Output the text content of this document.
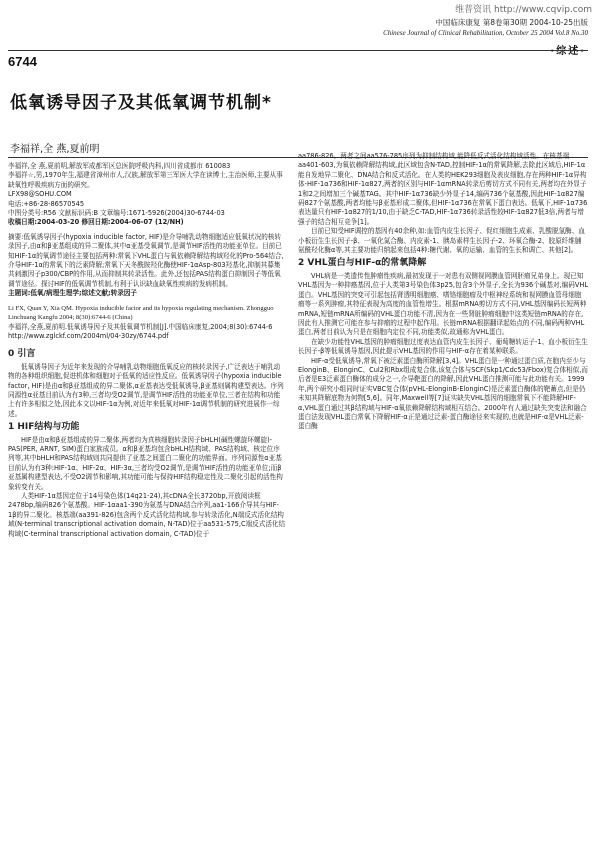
维普资讯 http://www.cqvip.com
6744
中国临床康复 第8卷第30期 2004-10-25出版
Chinese Journal of Clinical Rehabilitation, October 25 2004 Vol.8 No.30
·综述·
低氧诱导因子及其低氧调节机制*
李福祥,全 燕,夏前明

李福祥,全 燕,夏前明,解放军成都军区总医院呼吸内科,四川省成都市 610083

李福祥☆,男,1970年生,福建省漳州市人,汉族,解放军第三军医大学在读博士,主治医师,主要从事缺氧性呼吸疾病方面的研究。

LFX98@SOHU.COM

电话:+86-28-86570545

中图分类号:R56 文献标识码:B 文章编号:1671-5926(2004)30-6744-03

收稿日期:2004-03-20 修回日期:2004-06-07 (12/NH)

摘要:低氧诱导因子(hypoxia inducible factor, HIF)是介导哺乳动物细胞适应低氧状况的核转录因子,由α和β亚基组成的异二聚体,其中α亚基受氧调节,是调节HIF活性的功能亚单位。目前已知HIF-1α的氧调节途径主要包括两种:常氧下VHL蛋白与氧依赖降解结构域羟化的Pro-564结合,介导HIF-1α的常氧下的泛素降解;常氧下天冬酰胺羟化酶使HIF-1αAsp-803羟基化,抑制其募集共刺激因子p300/CBP的作用,从而抑制其转录活性。此外,还包括PAS结构蛋白抑制因子等低氧调节途径。探讨HIF的低氧调节机制,有利于认识缺血缺氧性疾病的发病机制。

主题词:低氧/病理生理学;综述文献;转录因子

Li FX, Quan Y, Xia QM. Hypoxia inducible factor and its hypoxia regulating mechanism. Zhongguo Linchuang Kangfu 2004; 8(30):6744-6 (China)

李福祥,全燕,夏前明.低氧诱导因子及其低氧调节机制[J].中国临床康复,2004;8(30):6744-6

http://www.zglckf.com/2004ml/04-30zy/6744.pdf

0 引言

低氧诱导因子为近年来发现的介导哺乳动物细胞低氧反应的核转录因子,广泛表达于哺乳动物的各种组织细胞,促进机体和细胞对于低氧的适应性反应。低氧诱导因子(hypoxia inducible factor, HIF)是由α和β亚基组成的异二聚体,α亚基表达受低氧诱导,β亚基则属构建型表达。序列同源性α亚基目前认为有3种,三者均受O2调节,是调节HIF活性的功能亚单位,三者在结构和功能上有许多相似之处,因此本文以HIF-1α为例,对近年来低氧对HIF-1α调节机制的研究进展作一综述。

1 HIF结构与功能

HIF是由α和β亚基组成的异二聚体,两者均为真核细胞转录因子bHLH(碱性螺旋环螺旋)-PAS(PER, ARNT, SIM)蛋白家族成员。α和β亚基均包含bHLH结构域、PAS结构域、核定位序列等,其中bHLH和PAS结构域则共同提供了亚基之间蛋白二聚化的功能界面。序列同源性α亚基目前认为有3种:HIF-1α、HIF-2α、HIF-3α,三者均受O2调节,是调节HIF活性的功能亚单位;而β亚基属构建型表达,不受O2调节和影响,其功能可能与保持HIF结构稳定性及二聚化引起的活性构象转变有关。

人类HIF-1α基因定位于14号染色体(14q21-24),其cDNA全长3720bp,开放阅读框2478bp,编码826个氨基酸。HIF-1αaa1-390为氨基与DNA结合序列,aa1-166介导其与HIF-1β的异二聚化。核基端(aa391-826)包含两个反式活化结构域,参与转录活化,N端反式活化结构域(N-terminal transcriptional activation domain, N-TAD)位于aa531-575,C端反式活化结构域(C-terminal transcriptional activation domain, C-TAD)位于

aa786-826。两者之间aa576-785序列为抑制结构域,能降低反式活化结构域活性。在核基端aa401-603,为氧依赖降解结构域,此区域包含N-TAD,控制HIF-1α的常氧降解,去除此区域后,HIF-1α能自发地异二聚化、DNA结合和反式活化。在人类的HEK293细胞及表皮细胞,存在两种HIF-1α异构体-HIF-1α736和HIF-1α827,两者的区别与HIF-1αmRNA转录后剪切方式不同有关,两者均在外显子1和2之间增加三个碱基TAG。其中HIF-1α736缺少外显子14,编码736个氨基酸,因此HIF-1α827编码827个氨基酸,两者均能与β亚基形成二聚体,但HIF-1α736在常氧下蛋白表达。低氧下,HIF-1α736表达量只有HIF-1α827的1/10,由于缺乏C-TAD,HIF-1α736转录活性较HIF-1α827低3倍,两者与增强子的结合相互竞争[1]。

目前已知受HIF调控的基因有40余种,如:血管内皮生长因子、促红细胞生成素、乳酸脱氢酶、血小板衍生生长因子-β、一氧化氮合酶、内皮素-1、胰岛素样生长因子-2、环氧合酶-2、胶原纤维脯氨酰羟化酶α等,其主要功能归纳起来包括4种:糖代谢、氧的运输、血管的生长和调亡、其他[2]。

2 VHL蛋白与HIF-α的常氧降解

VHL病是一类遗传性肿瘤性疾病,最初发现于一对患有双侧视网膜血管网胚瘤兄弟身上。现已知VHL基因为一种抑癌基因,位于人类第3号染色体3p25,包含3个外显子,全长为936个碱基对,编码VHL蛋白。VHL基因的突变可引起包括肾透明细胞癌、嗜铬细胞瘤及中枢神经系统和视网膜血管母细胞瘤等一系列肿瘤,其特征表现为高度的血管性增生。根据mRNA剪切方式不同,VHL基因编码长短两种mRNA,短链mRNA所编码的VHL蛋白功能不清,因为在一些肾脏肿瘤细胞中这类短链mRNA的存在,因此有人推测它可能在参与抑瘤的过程中起作用。长链mRNA根据翻译起始点的不同,编码两种VHL蛋白,两者目前认为只是在细胞内定位不同,功能类似,故通称为VHL蛋白。

在缺少功能性VHL基因的肿瘤细胞过度表达血管内皮生长因子、葡萄糖转运子-1、血小板衍生生长因子-β等低氧诱导基因,因此提示VHL基因的作用与HIF-α存在着某种联系。

HIF-α受低氧诱导,常氧下被泛素蛋白酶所降解[3,4]。VHL蛋白是一种通过蛋白质,在胞内至少与ElonginB、ElonginC、Cul2和Rbx组成复合体,该复合体与SCF(Skp1/Cdc53/Fbox)复合体相似,而后者是E3泛素蛋白酶体的成分之一,介导靶蛋白的降解,因此VHL蛋白推测可能与此功能有关。1999年,两个研究小组同时证实VBC复合体(pVHL-ElonginB-ElonginC)是泛素蛋白酶体的靶蓄点,但是仍未知其降解底物为何物[5,6]。同年,Maxwell等[7]证实缺失VHL基因的细胞常氧下不能降解HIF-α,VHL蛋白通过其β结构域与HIF-α氧依赖降解结构域相互结合。2000年有人通过缺失突变法和融合蛋白法发现VHL蛋白常氧下降解HIF-α正是通过泛素-蛋白酶途径来实现的,也就是HIF-α是VHL泛素-蛋白酶
